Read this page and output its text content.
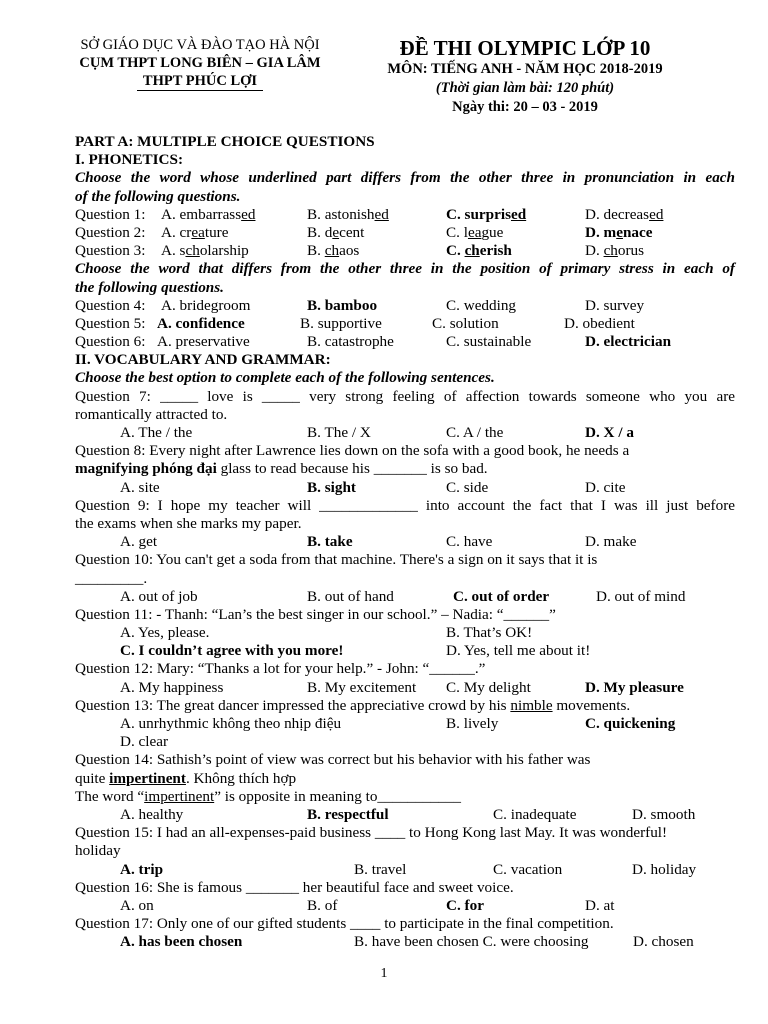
SỞ GIÁO DỤC VÀ ĐÀO TẠO HÀ NỘI
CỤM THPT LONG BIÊN – GIA LÂM
THPT PHÚC LỢI
ĐỀ THI OLYMPIC LỚP 10
MÔN: TIẾNG ANH - NĂM HỌC 2018-2019
(Thời gian làm bài: 120 phút)
Ngày thi: 20 – 03 - 2019
PART A: MULTIPLE CHOICE QUESTIONS
I. PHONETICS:
Choose the word whose underlined part differs from the other three in pronunciation in each
of the following questions.
Question 1: A. embarrassed	B. astonished	C. surprised	D. decreased
Question 2: A. creature	B. decent	C. league	D. menace
Question 3: A. scholarship	B. chaos	C. cherish	D. chorus
Choose the word that differs from the other three in the position of primary stress in each of
the following questions.
Question 4: A. bridegroom	B. bamboo	C. wedding	D. survey
Question 5: A. confidence	B. supportive	C. solution	D. obedient
Question 6: A. preservative	B. catastrophe	C. sustainable	D. electrician
II. VOCABULARY AND GRAMMAR:
Choose the best option to complete each of the following sentences.
Question 7: _____ love is _____ very strong feeling of affection towards someone who you are
romantically attracted to.
A. The / the	B. The / X	C. A / the	D. X / a
Question 8: Every night after Lawrence lies down on the sofa with a good book, he needs a
magnifying phóng đại glass to read because his _______ is so bad.
A. site	B. sight	C. side	D. cite
Question 9: I hope my teacher will _____________ into account the fact that I was ill just before
the exams when she marks my paper.
A. get	B. take	C. have	D. make
Question 10: You can't get a soda from that machine. There's a sign on it says that it is
_________.
A. out of job	B. out of hand	C. out of order	D. out of mind
Question 11: - Thanh: “Lan’s the best singer in our school.” – Nadia: “______”
A. Yes, please.	B. That’s OK!
C. I couldn’t agree with you more!	D. Yes, tell me about it!
Question 12: Mary: “Thanks a lot for your help.” - John: “______.”
A. My happiness	B. My excitement C. My delight	D. My pleasure
Question 13: The great dancer impressed the appreciative crowd by his nimble movements.
A. unrhythmic không theo nhịp điệu	B. lively	C. quickening
D. clear
Question 14: Sathish’s point of view was correct but his behavior with his father was
quite impertinent. Không thích hợp
The word “impertinent” is opposite in meaning to___________
A. healthy	B. respectful	C. inadequate	D. smooth
Question 15: I had an all-expenses-paid business ____ to Hong Kong last May. It was wonderful!
holiday
A. trip	B. travel	C. vacation	D. holiday
Question 16: She is famous _______ her beautiful face and sweet voice.
A. on	B. of	C. for	D. at
Question 17: Only one of our gifted students ____ to participate in the final competition.
A. has been chosen	B. have been chosen C. were choosing	D. chosen
1
